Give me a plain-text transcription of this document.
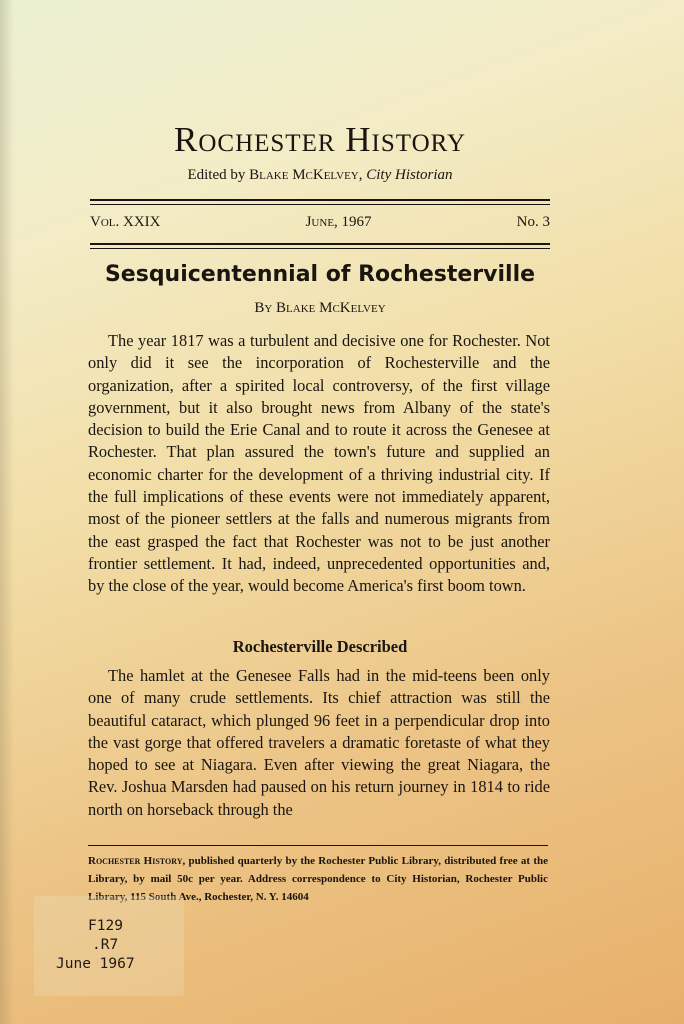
Rochester History

Edited by Blake McKelvey, City Historian

Vol. XXIX	June, 1967	No. 3
Sesquicentennial of Rochesterville

By Blake McKelvey

The year 1817 was a turbulent and decisive one for Rochester. Not only did it see the incorporation of Rochesterville and the organization, after a spirited local controversy, of the first village government, but it also brought news from Albany of the state's decision to build the Erie Canal and to route it across the Genesee at Rochester. That plan assured the town's future and supplied an economic charter for the development of a thriving industrial city. If the full implications of these events were not immediately apparent, most of the pioneer settlers at the falls and numerous migrants from the east grasped the fact that Rochester was not to be just another frontier settlement. It had, indeed, unprecedented opportunities and, by the close of the year, would become America's first boom town.

Rochesterville Described

The hamlet at the Genesee Falls had in the mid-teens been only one of many crude settlements. Its chief attraction was still the beautiful cataract, which plunged 96 feet in a perpendicular drop into the vast gorge that offered travelers a dramatic foretaste of what they hoped to see at Niagara. Even after viewing the great Niagara, the Rev. Joshua Marsden had paused on his return journey in 1814 to ride north on horseback through the

Rochester History, published quarterly by the Rochester Public Library, distributed free at the Library, by mail 50c per year. Address correspondence to City Historian, Rochester Public Library, 115 South Ave., Rochester, N. Y. 14604

F129

.R7

June 1967
